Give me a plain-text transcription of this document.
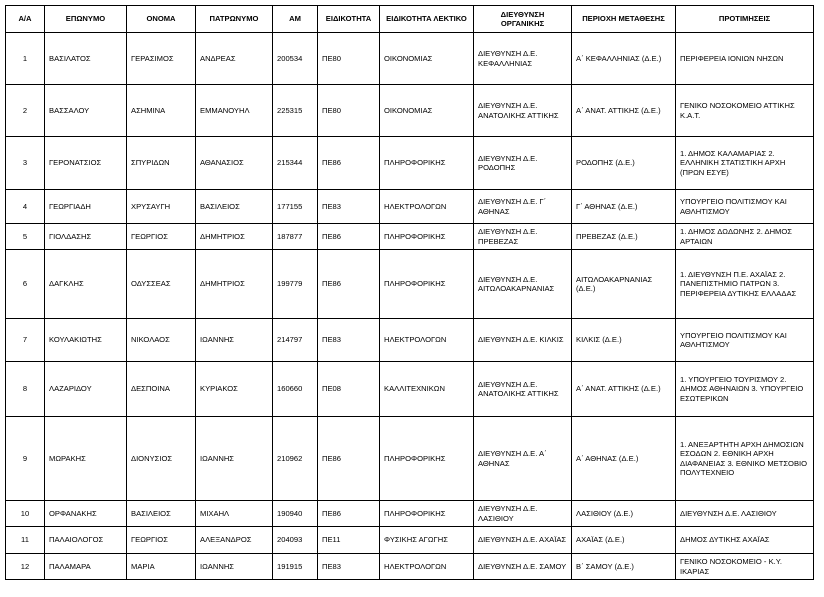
Α/Α	ΕΠΩΝΥΜΟ	ΟΝΟΜΑ	ΠΑΤΡΩΝΥΜΟ	ΑΜ	ΕΙΔΙΚΟΤΗΤΑ	ΕΙΔΙΚΟΤΗΤΑ ΛΕΚΤΙΚΟ	ΔΙΕΥΘΥΝΣΗ ΟΡΓΑΝΙΚΗΣ	ΠΕΡΙΟΧΗ ΜΕΤΑΘΕΣΗΣ	ΠΡΟΤΙΜΗΣΕΙΣ
1	ΒΑΣΙΛΑΤΟΣ	ΓΕΡΑΣΙΜΟΣ	ΑΝΔΡΕΑΣ	200534	ΠΕ80	ΟΙΚΟΝΟΜΙΑΣ	ΔΙΕΥΘΥΝΣΗ Δ.Ε. ΚΕΦΑΛΛΗΝΙΑΣ	Α΄ ΚΕΦΑΛΛΗΝΙΑΣ (Δ.Ε.)	ΠΕΡΙΦΕΡΕΙΑ ΙΟΝΙΩΝ ΝΗΣΩΝ
2	ΒΑΣΣΑΛΟΥ	ΑΣΗΜΙΝΑ	ΕΜΜΑΝΟΥΗΛ	225315	ΠΕ80	ΟΙΚΟΝΟΜΙΑΣ	ΔΙΕΥΘΥΝΣΗ Δ.Ε. ΑΝΑΤΟΛΙΚΗΣ ΑΤΤΙΚΗΣ	Α΄ ΑΝΑΤ. ΑΤΤΙΚΗΣ (Δ.Ε.)	ΓΕΝΙΚΟ ΝΟΣΟΚΟΜΕΙΟ ΑΤΤΙΚΗΣ Κ.Α.Τ.
3	ΓΕΡΟΝΑΤΣΙΟΣ	ΣΠΥΡΙΔΩΝ	ΑΘΑΝΑΣΙΟΣ	215344	ΠΕ86	ΠΛΗΡΟΦΟΡΙΚΗΣ	ΔΙΕΥΘΥΝΣΗ Δ.Ε. ΡΟΔΟΠΗΣ	ΡΟΔΟΠΗΣ (Δ.Ε.)	1. ΔΗΜΟΣ ΚΑΛΑΜΑΡΙΑΣ 2. ΕΛΛΗΝΙΚΗ ΣΤΑΤΙΣΤΙΚΗ ΑΡΧΗ (ΠΡΩΝ ΕΣΥΕ)
4	ΓΕΩΡΓΙΑΔΗ	ΧΡΥΣΑΥΓΗ	ΒΑΣΙΛΕΙΟΣ	177155	ΠΕ83	ΗΛΕΚΤΡΟΛΟΓΩΝ	ΔΙΕΥΘΥΝΣΗ Δ.Ε. Γ΄ ΑΘΗΝΑΣ	Γ΄ ΑΘΗΝΑΣ (Δ.Ε.)	ΥΠΟΥΡΓΕΙΟ ΠΟΛΙΤΙΣΜΟΥ ΚΑΙ ΑΘΛΗΤΙΣΜΟΥ
5	ΓΙΟΛΔΑΣΗΣ	ΓΕΩΡΓΙΟΣ	ΔΗΜΗΤΡΙΟΣ	187877	ΠΕ86	ΠΛΗΡΟΦΟΡΙΚΗΣ	ΔΙΕΥΘΥΝΣΗ Δ.Ε. ΠΡΕΒΕΖΑΣ	ΠΡΕΒΕΖΑΣ (Δ.Ε.)	1. ΔΗΜΟΣ ΔΩΔΩΝΗΣ 2. ΔΗΜΟΣ ΑΡΤΑΙΩΝ
6	ΔΑΓΚΛΗΣ	ΟΔΥΣΣΕΑΣ	ΔΗΜΗΤΡΙΟΣ	199779	ΠΕ86	ΠΛΗΡΟΦΟΡΙΚΗΣ	ΔΙΕΥΘΥΝΣΗ Δ.Ε. ΑΙΤΩΛΟΑΚΑΡΝΑΝΙΑΣ	ΑΙΤΩΛΟΑΚΑΡΝΑΝΙΑΣ (Δ.Ε.)	1. ΔΙΕΥΘΥΝΣΗ Π.Ε. ΑΧΑΪΑΣ 2. ΠΑΝΕΠΙΣΤΗΜΙΟ ΠΑΤΡΩΝ 3. ΠΕΡΙΦΕΡΕΙΑ ΔΥΤΙΚΗΣ ΕΛΛΑΔΑΣ
7	ΚΟΥΛΑΚΙΩΤΗΣ	ΝΙΚΟΛΑΟΣ	ΙΩΑΝΝΗΣ	214797	ΠΕ83	ΗΛΕΚΤΡΟΛΟΓΩΝ	ΔΙΕΥΘΥΝΣΗ Δ.Ε. ΚΙΛΚΙΣ	ΚΙΛΚΙΣ (Δ.Ε.)	ΥΠΟΥΡΓΕΙΟ ΠΟΛΙΤΙΣΜΟΥ ΚΑΙ ΑΘΛΗΤΙΣΜΟΥ
8	ΛΑΖΑΡΙΔΟΥ	ΔΕΣΠΟΙΝΑ	ΚΥΡΙΑΚΟΣ	160660	ΠΕ08	ΚΑΛΛΙΤΕΧΝΙΚΩΝ	ΔΙΕΥΘΥΝΣΗ Δ.Ε. ΑΝΑΤΟΛΙΚΗΣ ΑΤΤΙΚΗΣ	Α΄ ΑΝΑΤ. ΑΤΤΙΚΗΣ (Δ.Ε.)	1. ΥΠΟΥΡΓΕΙΟ ΤΟΥΡΙΣΜΟΥ 2. ΔΗΜΟΣ ΑΘΗΝΑΙΩΝ 3. ΥΠΟΥΡΓΕΙΟ ΕΣΩΤΕΡΙΚΩΝ
9	ΜΩΡΑΚΗΣ	ΔΙΟΝΥΣΙΟΣ	ΙΩΑΝΝΗΣ	210962	ΠΕ86	ΠΛΗΡΟΦΟΡΙΚΗΣ	ΔΙΕΥΘΥΝΣΗ Δ.Ε. Α΄ ΑΘΗΝΑΣ	Α΄ ΑΘΗΝΑΣ (Δ.Ε.)	1. ΑΝΕΞΑΡΤΗΤΗ ΑΡΧΗ ΔΗΜΟΣΙΩΝ ΕΣΟΔΩΝ 2. ΕΘΝΙΚΗ ΑΡΧΗ ΔΙΑΦΑΝΕΙΑΣ 3. ΕΘΝΙΚΟ ΜΕΤΣΟΒΙΟ ΠΟΛΥΤΕΧΝΕΙΟ
10	ΟΡΦΑΝΑΚΗΣ	ΒΑΣΙΛΕΙΟΣ	ΜΙΧΑΗΛ	190940	ΠΕ86	ΠΛΗΡΟΦΟΡΙΚΗΣ	ΔΙΕΥΘΥΝΣΗ Δ.Ε. ΛΑΣΙΘΙΟΥ	ΛΑΣΙΘΙΟΥ (Δ.Ε.)	ΔΙΕΥΘΥΝΣΗ Δ.Ε. ΛΑΣΙΘΙΟΥ
11	ΠΑΛΑΙΟΛΟΓΟΣ	ΓΕΩΡΓΙΟΣ	ΑΛΕΞΑΝΔΡΟΣ	204093	ΠΕ11	ΦΥΣΙΚΗΣ ΑΓΩΓΗΣ	ΔΙΕΥΘΥΝΣΗ Δ.Ε. ΑΧΑΪΑΣ	ΑΧΑΪΑΣ (Δ.Ε.)	ΔΗΜΟΣ ΔΥΤΙΚΗΣ ΑΧΑΪΑΣ
12	ΠΑΛΑΜΑΡΑ	ΜΑΡΙΑ	ΙΩΑΝΝΗΣ	191915	ΠΕ83	ΗΛΕΚΤΡΟΛΟΓΩΝ	ΔΙΕΥΘΥΝΣΗ Δ.Ε. ΣΑΜΟΥ	Β΄ ΣΑΜΟΥ (Δ.Ε.)	ΓΕΝΙΚΟ ΝΟΣΟΚΟΜΕΙΟ - Κ.Υ. ΙΚΑΡΙΑΣ
